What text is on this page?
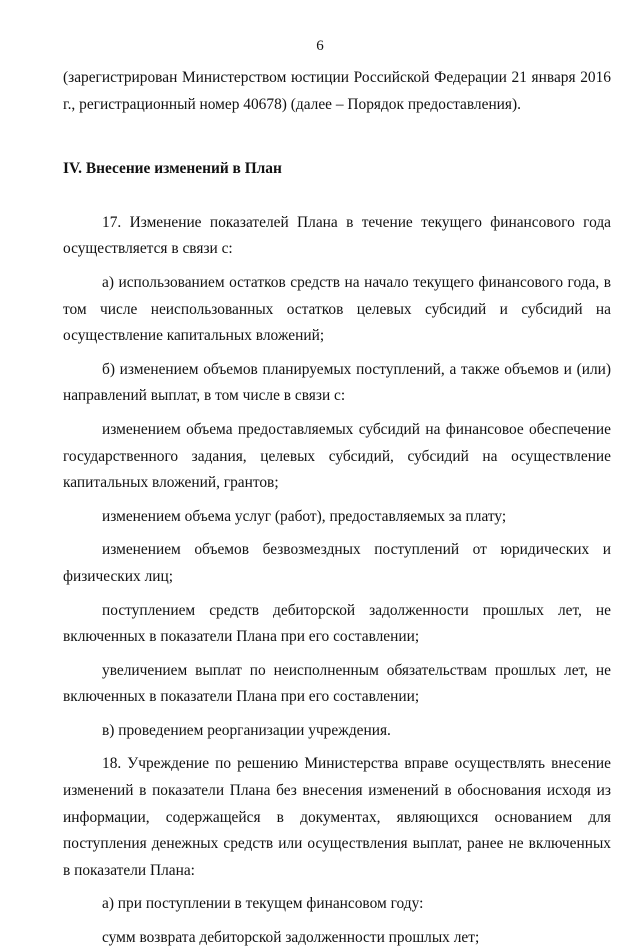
6

(зарегистрирован Министерством юстиции Российской Федерации 21 января 2016 г., регистрационный номер 40678) (далее – Порядок предоставления).

IV. Внесение изменений в План

17. Изменение показателей Плана в течение текущего финансового года осуществляется в связи с:

а) использованием остатков средств на начало текущего финансового года, в том числе неиспользованных остатков целевых субсидий и субсидий на осуществление капитальных вложений;

б) изменением объемов планируемых поступлений, а также объемов и (или) направлений выплат, в том числе в связи с:

изменением объема предоставляемых субсидий на финансовое обеспечение государственного задания, целевых субсидий, субсидий на осуществление капитальных вложений, грантов;

изменением объема услуг (работ), предоставляемых за плату;

изменением объемов безвозмездных поступлений от юридических и физических лиц;

поступлением средств дебиторской задолженности прошлых лет, не включенных в показатели Плана при его составлении;

увеличением выплат по неисполненным обязательствам прошлых лет, не включенных в показатели Плана при его составлении;

в) проведением реорганизации учреждения.

18. Учреждение по решению Министерства вправе осуществлять внесение изменений в показатели Плана без внесения изменений в обоснования исходя из информации, содержащейся в документах, являющихся основанием для поступления денежных средств или осуществления выплат, ранее не включенных в показатели Плана:

а) при поступлении в текущем финансовом году:

сумм возврата дебиторской задолженности прошлых лет;
